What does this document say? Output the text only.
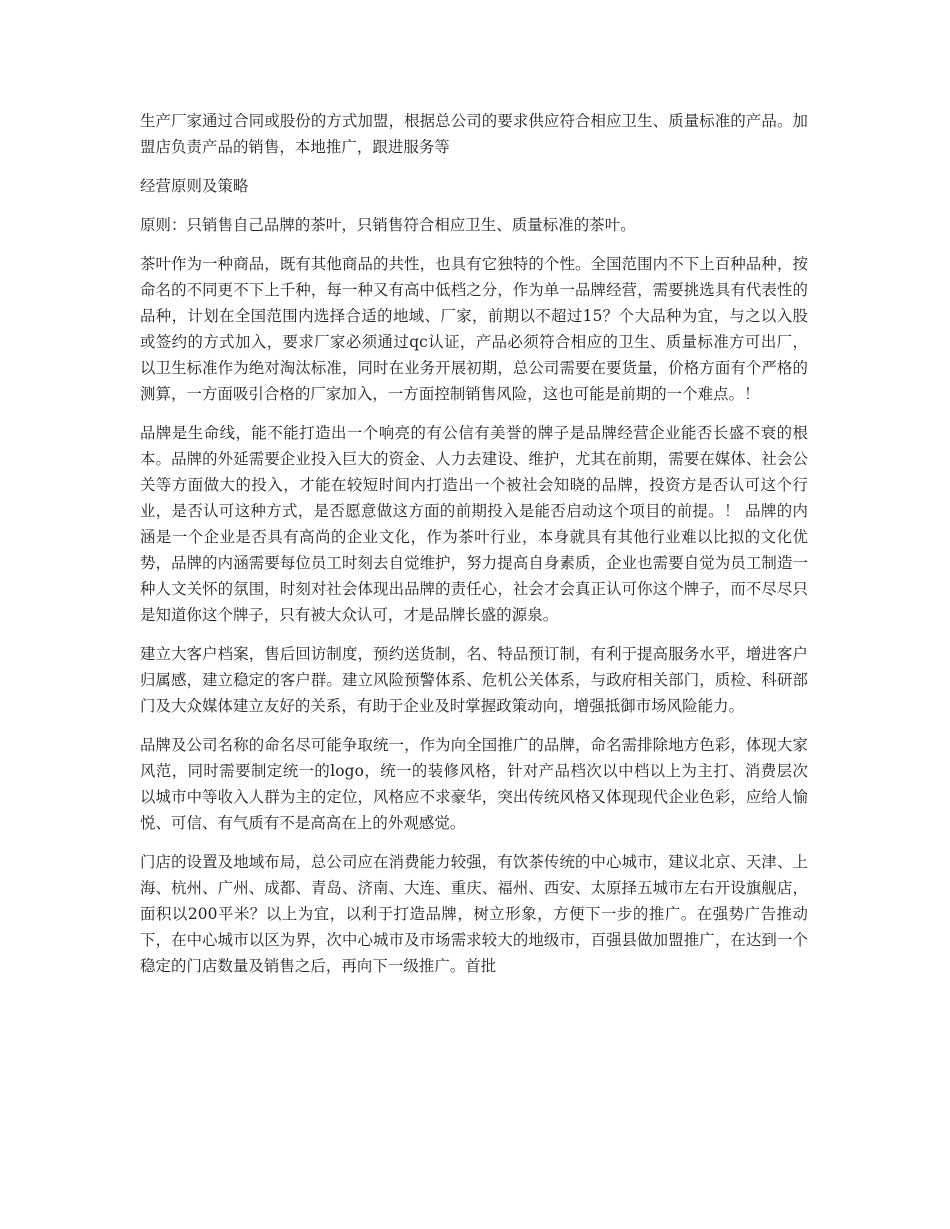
生产厂家通过合同或股份的方式加盟，根据总公司的要求供应符合相应卫生、质量标准的产品。加盟店负责产品的销售，本地推广，跟进服务等

经营原则及策略

原则：只销售自己品牌的茶叶，只销售符合相应卫生、质量标准的茶叶。

茶叶作为一种商品，既有其他商品的共性，也具有它独特的个性。全国范围内不下上百种品种，按命名的不同更不下上千种，每一种又有高中低档之分，作为单一品牌经营，需要挑选具有代表性的品种，计划在全国范围内选择合适的地域、厂家，前期以不超过15？个大品种为宜，与之以入股或签约的方式加入，要求厂家必须通过qc认证，产品必须符合相应的卫生、质量标准方可出厂，以卫生标准作为绝对淘汰标准，同时在业务开展初期，总公司需要在要货量，价格方面有个严格的测算，一方面吸引合格的厂家加入，一方面控制销售风险，这也可能是前期的一个难点。！

品牌是生命线，能不能打造出一个响亮的有公信有美誉的牌子是品牌经营企业能否长盛不衰的根本。品牌的外延需要企业投入巨大的资金、人力去建设、维护，尤其在前期，需要在媒体、社会公关等方面做大的投入，才能在较短时间内打造出一个被社会知晓的品牌，投资方是否认可这个行业，是否认可这种方式，是否愿意做这方面的前期投入是能否启动这个项目的前提。！ 品牌的内涵是一个企业是否具有高尚的企业文化，作为茶叶行业，本身就具有其他行业难以比拟的文化优势，品牌的内涵需要每位员工时刻去自觉维护，努力提高自身素质，企业也需要自觉为员工制造一种人文关怀的氛围，时刻对社会体现出品牌的责任心，社会才会真正认可你这个牌子，而不尽尽只是知道你这个牌子，只有被大众认可，才是品牌长盛的源泉。

建立大客户档案，售后回访制度，预约送货制，名、特品预订制，有利于提高服务水平，增进客户归属感，建立稳定的客户群。建立风险预警体系、危机公关体系，与政府相关部门，质检、科研部门及大众媒体建立友好的关系，有助于企业及时掌握政策动向，增强抵御市场风险能力。

品牌及公司名称的命名尽可能争取统一，作为向全国推广的品牌，命名需排除地方色彩，体现大家风范，同时需要制定统一的logo，统一的装修风格，针对产品档次以中档以上为主打、消费层次以城市中等收入人群为主的定位，风格应不求豪华，突出传统风格又体现现代企业色彩，应给人愉悦、可信、有气质有不是高高在上的外观感觉。

门店的设置及地域布局，总公司应在消费能力较强，有饮茶传统的中心城市，建议北京、天津、上海、杭州、广州、成都、青岛、济南、大连、重庆、福州、西安、太原择五城市左右开设旗舰店，面积以200平米？以上为宜，以利于打造品牌，树立形象，方便下一步的推广。在强势广告推动下，在中心城市以区为界，次中心城市及市场需求较大的地级市，百强县做加盟推广，在达到一个稳定的门店数量及销售之后，再向下一级推广。首批
